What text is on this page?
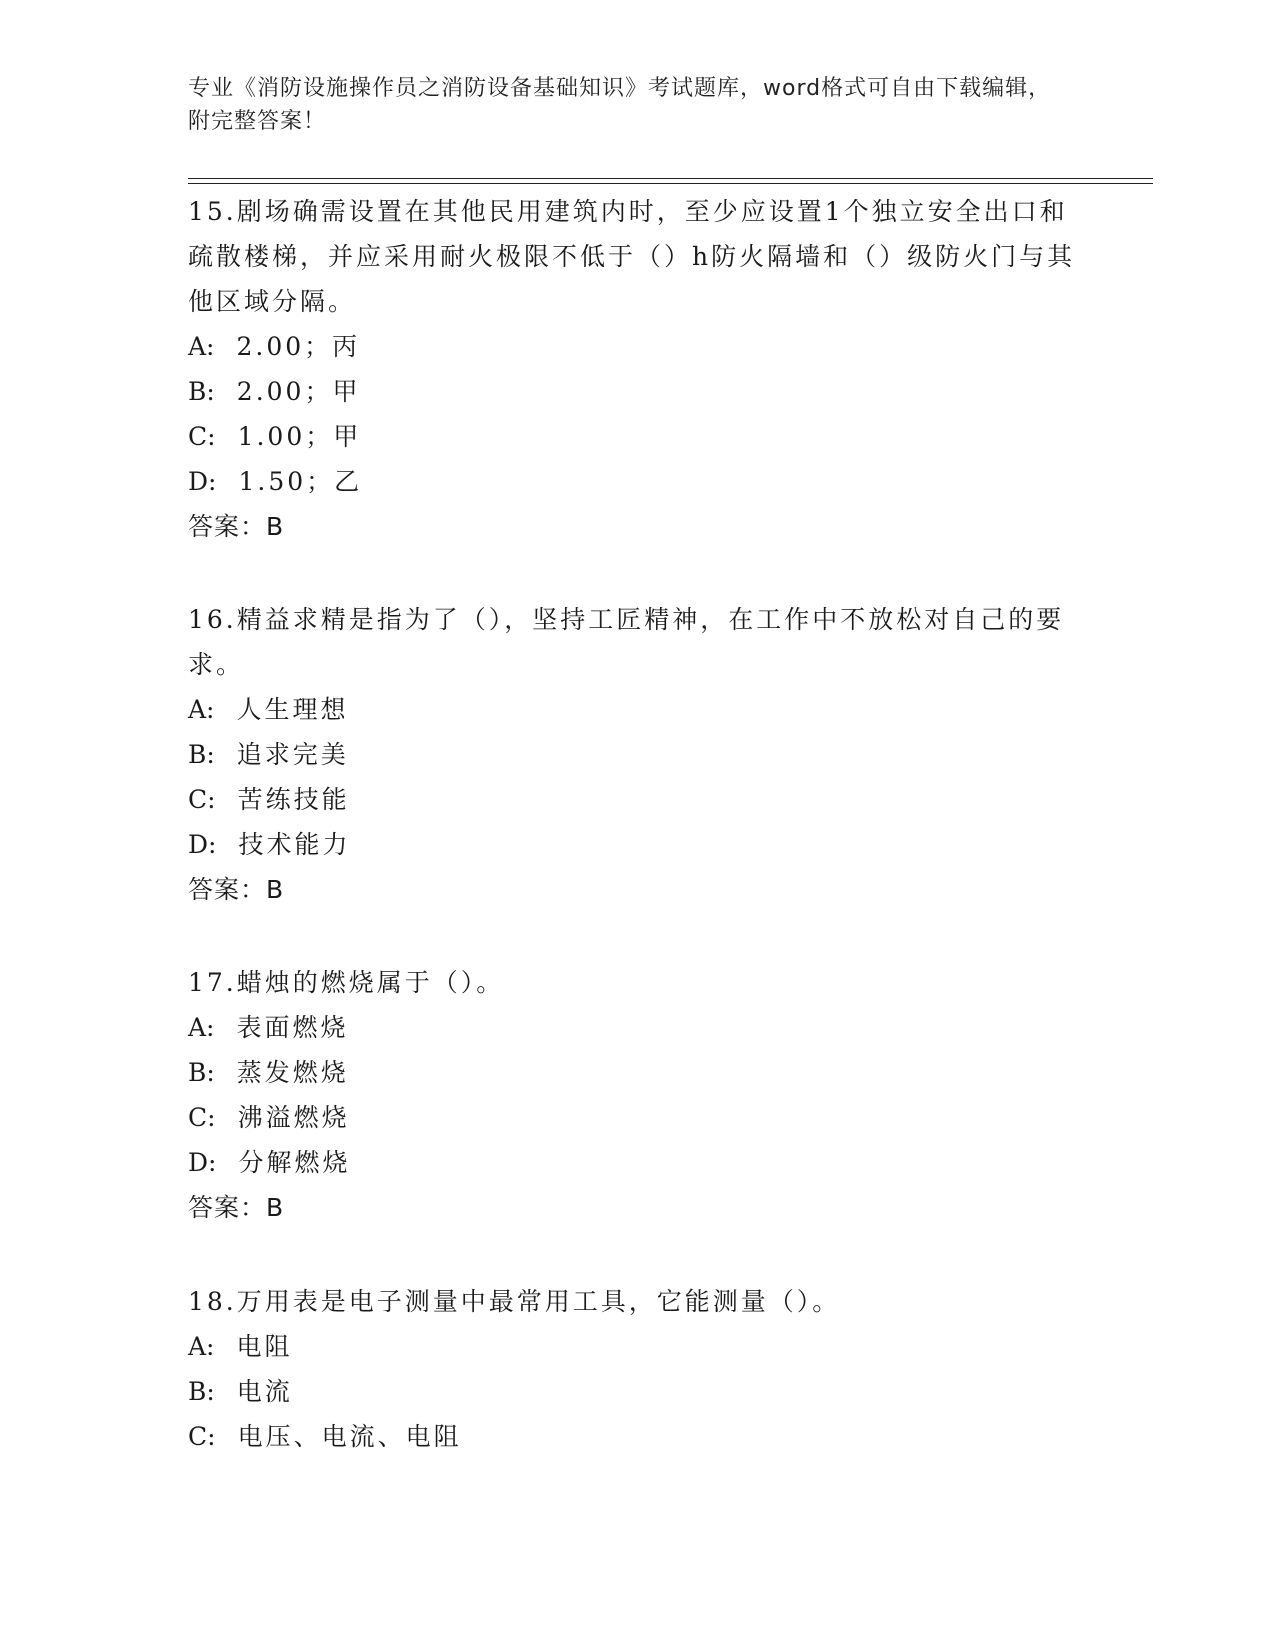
专业《消防设施操作员之消防设备基础知识》考试题库，word格式可自由下载编辑，附完整答案！

15.剧场确需设置在其他民用建筑内时，至少应设置1个独立安全出口和疏散楼梯，并应采用耐火极限不低于（）h防火隔墙和（）级防火门与其他区域分隔。

A: 2.00；丙

B: 2.00；甲

C: 1.00；甲

D: 1.50；乙

答案：B

16.精益求精是指为了（），坚持工匠精神，在工作中不放松对自己的要求。

A: 人生理想

B: 追求完美

C: 苦练技能

D: 技术能力

答案：B

17.蜡烛的燃烧属于（）。

A: 表面燃烧

B: 蒸发燃烧

C: 沸溢燃烧

D: 分解燃烧

答案：B

18.万用表是电子测量中最常用工具，它能测量（）。

A: 电阻

B: 电流

C: 电压、电流、电阻
